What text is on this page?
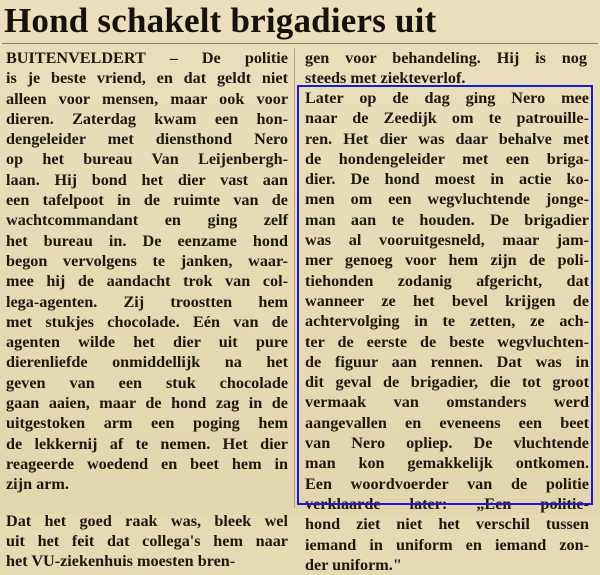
Hond schakelt brigadiers uit
BUITENVELDERT – De politie
is je beste vriend, en dat geldt niet
alleen voor mensen, maar ook voor
dieren. Zaterdag kwam een hon-
dengeleider met diensthond Nero
op het bureau Van Leijenbergh-
laan. Hij bond het dier vast aan
een tafelpoot in de ruimte van de
wachtcommandant en ging zelf
het bureau in. De eenzame hond
begon vervolgens te janken, waar-
mee hij de aandacht trok van col-
lega-agenten. Zij troostten hem
met stukjes chocolade. Eén van de
agenten wilde het dier uit pure
dierenliefde onmiddellijk na het
geven van een stuk chocolade
gaan aaien, maar de hond zag in de
uitgestoken arm een poging hem
de lekkernij af te nemen. Het dier
reageerde woedend en beet hem in
zijn arm.
Dat het goed raak was, bleek wel
uit het feit dat collega's hem naar
het VU-ziekenhuis moesten bren-
gen voor behandeling. Hij is nog
steeds met ziekteverlof.
Later op de dag ging Nero mee
naar de Zeedijk om te patrouille-
ren. Het dier was daar behalve met
de hondengeleider met een briga-
dier. De hond moest in actie ko-
men om een wegvluchtende jonge-
man aan te houden. De brigadier
was al vooruitgesneld, maar jam-
mer genoeg voor hem zijn de poli-
tiehonden zodanig afgericht, dat
wanneer ze het bevel krijgen de
achtervolging in te zetten, ze ach-
ter de eerste de beste wegvluchten-
de figuur aan rennen. Dat was in
dit geval de brigadier, die tot groot
vermaak van omstanders werd
aangevallen en eveneens een beet
van Nero opliep. De vluchtende
man kon gemakkelijk ontkomen.
Een woordvoerder van de politie
verklaarde later: „Een politie-
hond ziet niet het verschil tussen
iemand in uniform en iemand zon-
der uniform."
